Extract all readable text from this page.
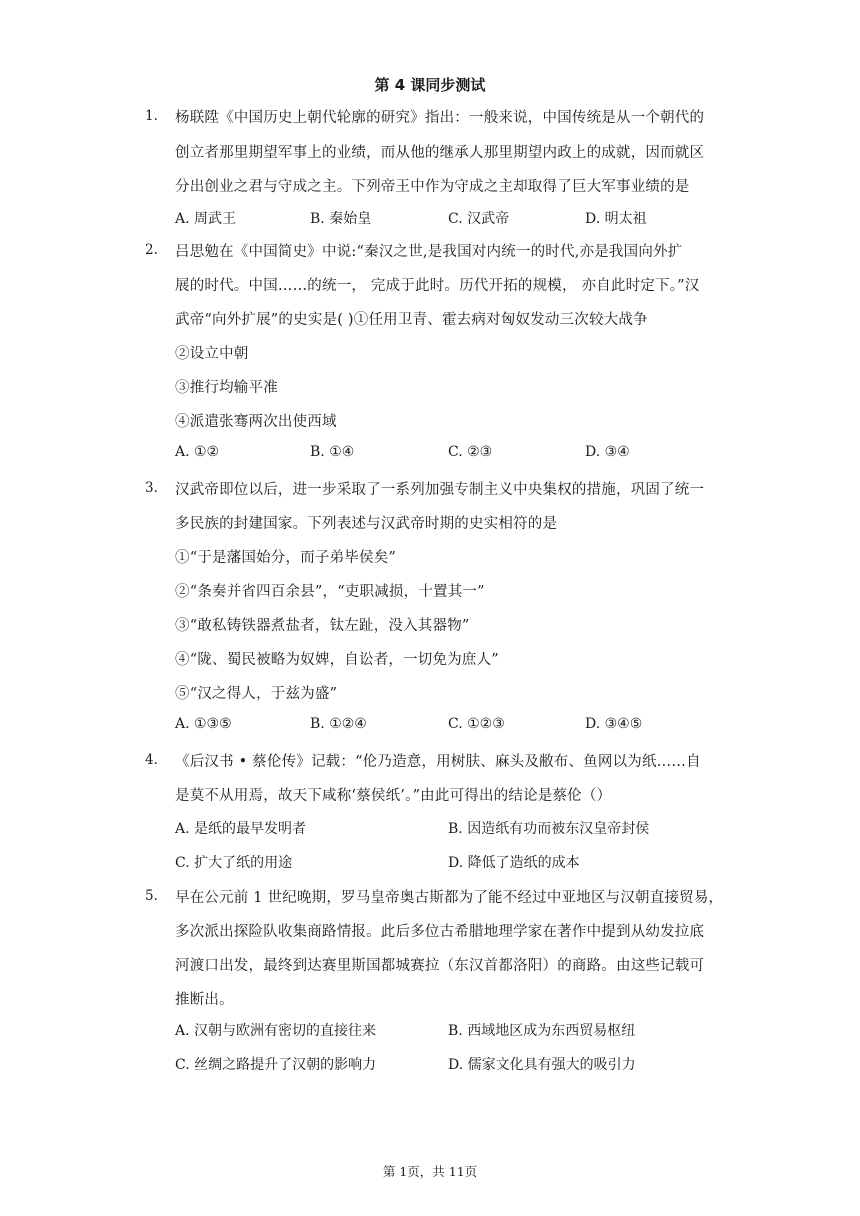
第 4 课同步测试
1. 杨联陞《中国历史上朝代轮廓的研究》指出：一般来说，中国传统是从一个朝代的
创立者那里期望军事上的业绩，而从他的继承人那里期望内政上的成就，因而就区
分出创业之君与守成之主。下列帝王中作为守成之主却取得了巨大军事业绩的是
A. 周武王	B. 秦始皇	C. 汉武帝	D. 明太祖
2. 吕思勉在《中国简史》中说:“秦汉之世,是我国对内统一的时代,亦是我国向外扩
展的时代。中国……的统一， 完成于此时。历代开拓的规模， 亦自此时定下。”汉
武帝“向外扩展”的史实是( )①任用卫青、霍去病对匈奴发动三次较大战争
②设立中朝
③推行均输平准
④派遣张骞两次出使西域
A. ①②	B. ①④	C. ②③	D. ③④
3. 汉武帝即位以后，进一步采取了一系列加强专制主义中央集权的措施，巩固了统一
多民族的封建国家。下列表述与汉武帝时期的史实相符的是
①“于是藩国始分，而子弟毕侯矣”
②“条奏并省四百余县”，“吏职减损，十置其一”
③“敢私铸铁器煮盐者，钛左趾，没入其器物”
④“陇、蜀民被略为奴婢，自讼者，一切免为庶人”
⑤“汉之得人，于兹为盛”
A. ①③⑤	B. ①②④	C. ①②③	D. ③④⑤
4. 《后汉书 • 蔡伦传》记载：“伦乃造意，用树肤、麻头及敝布、鱼网以为纸……自
是莫不从用焉，故天下咸称‘蔡侯纸’。”由此可得出的结论是蔡伦（）
A. 是纸的最早发明者	B. 因造纸有功而被东汉皇帝封侯
C. 扩大了纸的用途	D. 降低了造纸的成本
5. 早在公元前 1 世纪晚期，罗马皇帝奥古斯都为了能不经过中亚地区与汉朝直接贸易，
多次派出探险队收集商路情报。此后多位古希腊地理学家在著作中提到从幼发拉底
河渡口出发，最终到达赛里斯国都城赛拉（东汉首都洛阳）的商路。由这些记载可
推断出。
A. 汉朝与欧洲有密切的直接往来	B. 西域地区成为东西贸易枢纽
C. 丝绸之路提升了汉朝的影响力	D. 儒家文化具有强大的吸引力
第 1页，共 11页
